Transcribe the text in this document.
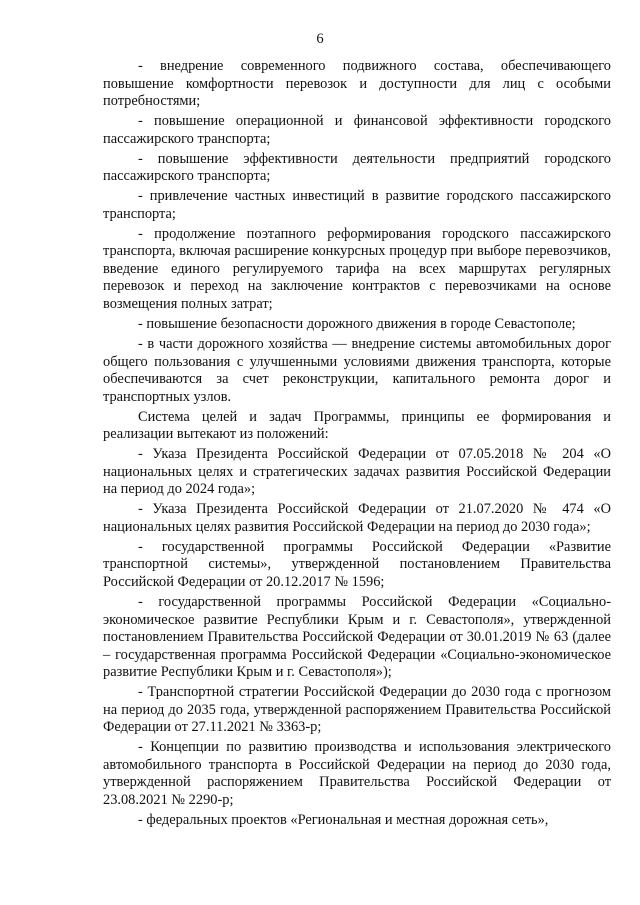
6

- внедрение современного подвижного состава, обеспечивающего повышение комфортности перевозок и доступности для лиц с особыми потребностями;

- повышение операционной и финансовой эффективности городского пассажирского транспорта;

- повышение эффективности деятельности предприятий городского пассажирского транспорта;

- привлечение частных инвестиций в развитие городского пассажирского транспорта;

- продолжение поэтапного реформирования городского пассажирского транспорта, включая расширение конкурсных процедур при выборе перевозчиков, введение единого регулируемого тарифа на всех маршрутах регулярных перевозок и переход на заключение контрактов с перевозчиками на основе возмещения полных затрат;

- повышение безопасности дорожного движения в городе Севастополе;

- в части дорожного хозяйства — внедрение системы автомобильных дорог общего пользования с улучшенными условиями движения транспорта, которые обеспечиваются за счет реконструкции, капитального ремонта дорог и транспортных узлов.

Система целей и задач Программы, принципы ее формирования и реализации вытекают из положений:

- Указа Президента Российской Федерации от 07.05.2018 № 204 «О национальных целях и стратегических задачах развития Российской Федерации на период до 2024 года»;

- Указа Президента Российской Федерации от 21.07.2020 № 474 «О национальных целях развития Российской Федерации на период до 2030 года»;

- государственной программы Российской Федерации «Развитие транспортной системы», утвержденной постановлением Правительства Российской Федерации от 20.12.2017 № 1596;

- государственной программы Российской Федерации «Социально-экономическое развитие Республики Крым и г. Севастополя», утвержденной постановлением Правительства Российской Федерации от 30.01.2019 № 63 (далее – государственная программа Российской Федерации «Социально-экономическое развитие Республики Крым и г. Севастополя»);

- Транспортной стратегии Российской Федерации до 2030 года с прогнозом на период до 2035 года, утвержденной распоряжением Правительства Российской Федерации от 27.11.2021 № 3363-р;

- Концепции по развитию производства и использования электрического автомобильного транспорта в Российской Федерации на период до 2030 года, утвержденной распоряжением Правительства Российской Федерации от 23.08.2021 № 2290-р;

- федеральных проектов «Региональная и местная дорожная сеть»,
